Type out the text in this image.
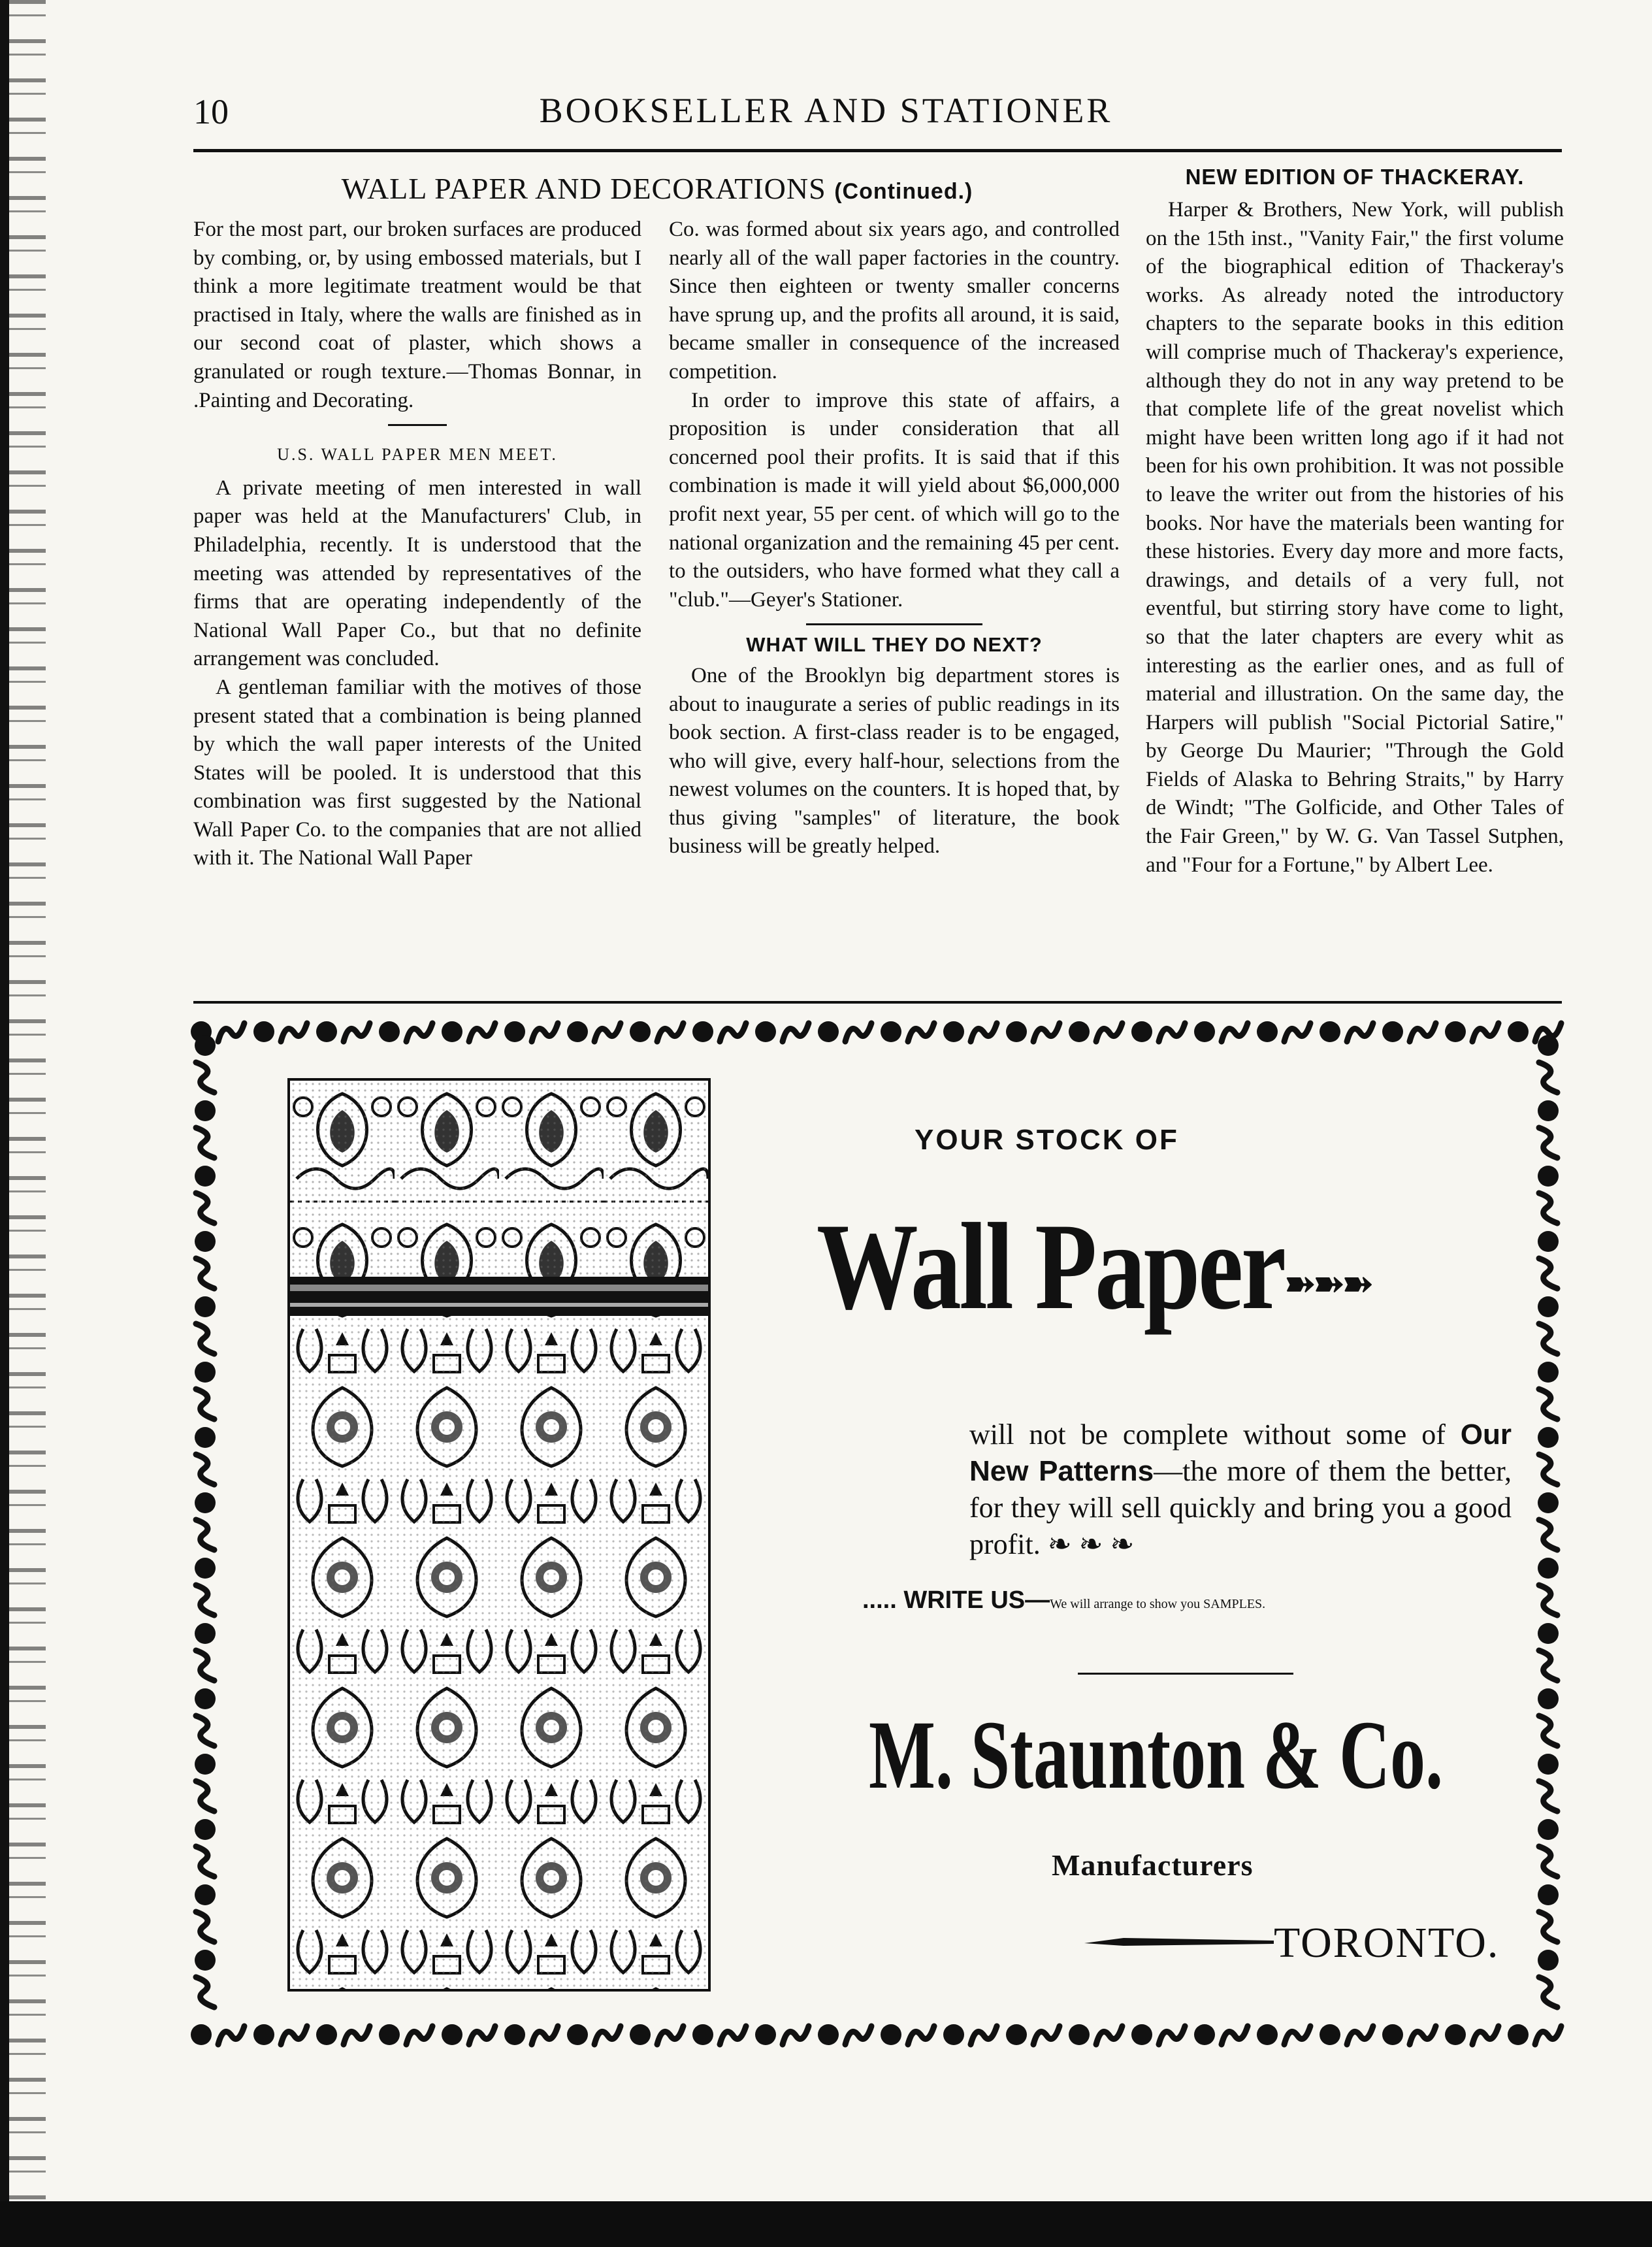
10	BOOKSELLER AND STATIONER
WALL PAPER AND DECORATIONS (Continued.)
NEW EDITION OF THACKERAY.

For the most part, our broken surfaces are produced by combing, or, by using embossed materials, but I think a more legitimate treatment would be that practised in Italy, where the walls are finished as in our second coat of plaster, which shows a granulated or rough texture.—Thomas Bonnar, in .Painting and Decorating.

U.S. WALL PAPER MEN MEET.

A private meeting of men interested in wall paper was held at the Manufacturers' Club, in Philadelphia, recently. It is understood that the meeting was attended by representatives of the firms that are operating independently of the National Wall Paper Co., but that no definite arrangement was concluded.

A gentleman familiar with the motives of those present stated that a combination is being planned by which the wall paper interests of the United States will be pooled. It is understood that this combination was first suggested by the National Wall Paper Co. to the companies that are not allied with it. The National Wall Paper

Co. was formed about six years ago, and controlled nearly all of the wall paper factories in the country. Since then eighteen or twenty smaller concerns have sprung up, and the profits all around, it is said, became smaller in consequence of the increased competition.

In order to improve this state of affairs, a proposition is under consideration that all concerned pool their profits. It is said that if this combination is made it will yield about $6,000,000 profit next year, 55 per cent. of which will go to the national organization and the remaining 45 per cent. to the outsiders, who have formed what they call a "club."—Geyer's Stationer.

WHAT WILL THEY DO NEXT?

One of the Brooklyn big department stores is about to inaugurate a series of public readings in its book section. A first-class reader is to be engaged, who will give, every half-hour, selections from the newest volumes on the counters. It is hoped that, by thus giving "samples" of literature, the book business will be greatly helped.

Harper & Brothers, New York, will publish on the 15th inst., "Vanity Fair," the first volume of the biographical edition of Thackeray's works. As already noted the introductory chapters to the separate books in this edition will comprise much of Thackeray's experience, although they do not in any way pretend to be that complete life of the great novelist which might have been written long ago if it had not been for his own prohibition. It was not possible to leave the writer out from the histories of his books. Nor have the materials been wanting for these histories. Every day more and more facts, drawings, and details of a very full, not eventful, but stirring story have come to light, so that the later chapters are every whit as interesting as the earlier ones, and as full of material and illustration. On the same day, the Harpers will publish "Social Pictorial Satire," by George Du Maurier; "Through the Gold Fields of Alaska to Behring Straits," by Harry de Windt; "The Golficide, and Other Tales of the Fair Green," by W. G. Van Tassel Sutphen, and "Four for a Fortune," by Albert Lee.

YOUR STOCK OF
Wall Paper ➽➽➽
will not be complete without some of Our New Patterns—the more of them the better, for they will sell quickly and bring you a good profit. ❧ ❧ ❧
..... WRITE US—We will arrange to show you SAMPLES.
M. Staunton & Co.
Manufacturers
TORONTO.
